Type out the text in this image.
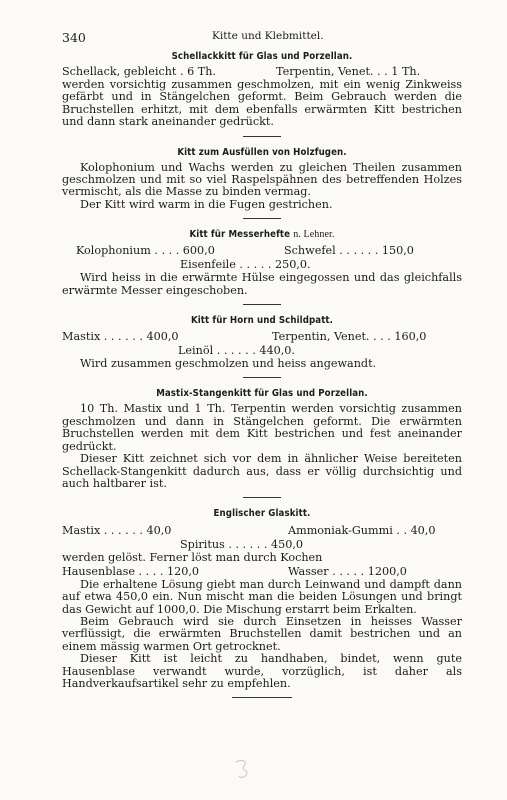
340	Kitte und Klebmittel.

Schellackkitt für Glas und Porzellan.

Schellack, gebleicht . 6 Th.	Terpentin, Venet. . . 1 Th.

werden vorsichtig zusammen geschmolzen, mit ein wenig Zinkweiss gefärbt und in Stängelchen geformt. Beim Gebrauch werden die Bruchstellen erhitzt, mit dem ebenfalls erwärmten Kitt bestrichen und dann stark aneinander gedrückt.

Kitt zum Ausfüllen von Holzfugen.

Kolophonium und Wachs werden zu gleichen Theilen zusammen geschmolzen und mit so viel Raspelspähnen des betreffenden Holzes vermischt, als die Masse zu binden vermag.

Der Kitt wird warm in die Fugen gestrichen.

Kitt für Messerhefte n. Lehner.

Kolophonium . . . . 600,0	Schwefel . . . . . . 150,0
Eisenfeile . . . . . 250,0.

Wird heiss in die erwärmte Hülse eingegossen und das gleichfalls erwärmte Messer eingeschoben.

Kitt für Horn und Schildpatt.

Mastix . . . . . . 400,0	Terpentin, Venet. . . . 160,0
Leinöl . . . . . . 440,0.

Wird zusammen geschmolzen und heiss angewandt.

Mastix-Stangenkitt für Glas und Porzellan.

10 Th. Mastix und 1 Th. Terpentin werden vorsichtig zusammen geschmolzen und dann in Stängelchen geformt. Die erwärmten Bruchstellen werden mit dem Kitt bestrichen und fest aneinander gedrückt.

Dieser Kitt zeichnet sich vor dem in ähnlicher Weise bereiteten Schellack-Stangenkitt dadurch aus, dass er völlig durchsichtig und auch haltbarer ist.

Englischer Glaskitt.

Mastix . . . . . . 40,0	Ammoniak-Gummi . . 40,0
Spiritus . . . . . . 450,0

werden gelöst. Ferner löst man durch Kochen

Hausenblase . . . . 120,0	Wasser . . . . . 1200,0

Die erhaltene Lösung giebt man durch Leinwand und dampft dann auf etwa 450,0 ein. Nun mischt man die beiden Lösungen und bringt das Gewicht auf 1000,0. Die Mischung erstarrt beim Erkalten.

Beim Gebrauch wird sie durch Einsetzen in heisses Wasser verflüssigt, die erwärmten Bruchstellen damit bestrichen und an einem mässig warmen Ort getrocknet.

Dieser Kitt ist leicht zu handhaben, bindet, wenn gute Hausenblase verwandt wurde, vorzüglich, ist daher als Handverkaufsartikel sehr zu empfehlen.
